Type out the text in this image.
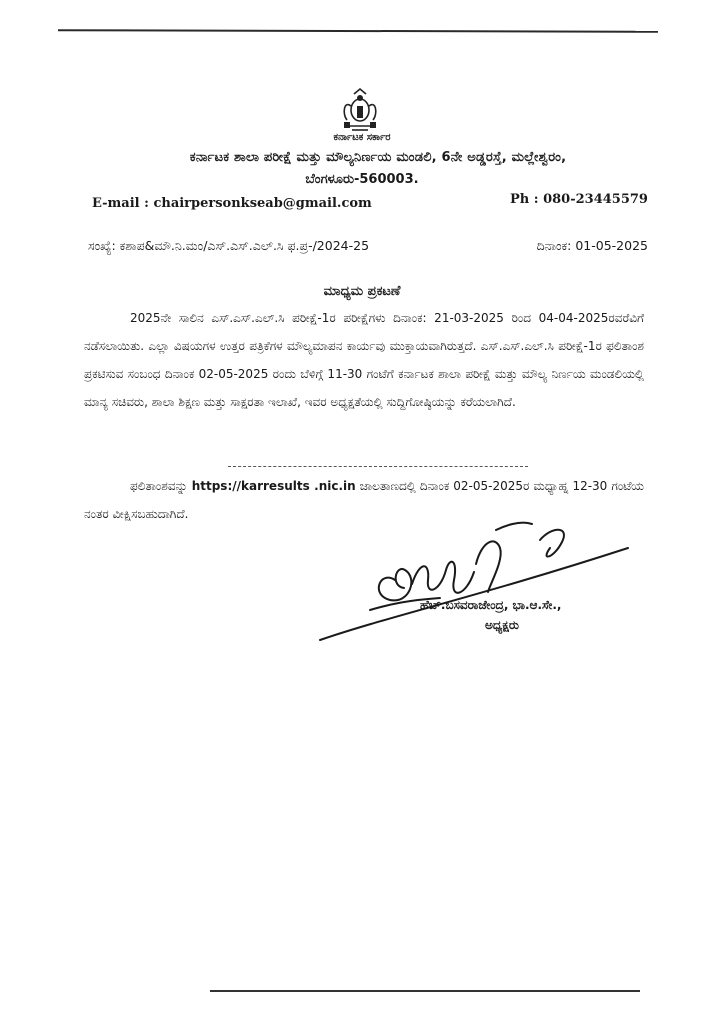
ಕರ್ನಾಟಕ ಸರ್ಕಾರ
ಕರ್ನಾಟಕ ಶಾಲಾ ಪರೀಕ್ಷೆ ಮತ್ತು ಮೌಲ್ಯನಿರ್ಣಯ ಮಂಡಲಿ, 6ನೇ ಅಡ್ಡರಸ್ತೆ, ಮಲ್ಲೇಶ್ವರಂ,
ಬೆಂಗಳೂರು-560003.
E-mail : chairpersonkseab@gmail.com	Ph : 080-23445579
ಸಂಖ್ಯೆ: ಕಶಾಪ&ಮೌ.ನಿ.ಮಂ/ಎಸ್.ಎಸ್.ಎಲ್.ಸಿ ಫ.ಪ್ರ-/2024-25	ದಿನಾಂಕ: 01-05-2025
ಮಾಧ್ಯಮ ಪ್ರಕಟಣೆ
2025ನೇ ಸಾಲಿನ ಎಸ್.ಎಸ್.ಎಲ್.ಸಿ ಪರೀಕ್ಷೆ-1ರ ಪರೀಕ್ಷೆಗಳು ದಿನಾಂಕ: 21-03-2025 ರಿಂದ 04-04-2025ರವರೆವಿಗೆ ನಡೆಸಲಾಯಿತು. ಎಲ್ಲಾ ವಿಷಯಗಳ ಉತ್ತರ ಪತ್ರಿಕೆಗಳ ಮೌಲ್ಯಮಾಪನ ಕಾರ್ಯವು ಮುಕ್ತಾಯವಾಗಿರುತ್ತದೆ. ಎಸ್.ಎಸ್.ಎಲ್.ಸಿ ಪರೀಕ್ಷೆ-1ರ ಫಲಿತಾಂಶ ಪ್ರಕಟಿಸುವ ಸಂಬಂಧ ದಿನಾಂಕ 02-05-2025 ರಂದು ಬೆಳಿಗ್ಗೆ 11-30 ಗಂಟೆಗೆ ಕರ್ನಾಟಕ ಶಾಲಾ ಪರೀಕ್ಷೆ ಮತ್ತು ಮೌಲ್ಯ ನಿರ್ಣಯ ಮಂಡಲಿಯಲ್ಲಿ ಮಾನ್ಯ ಸಚಿವರು, ಶಾಲಾ ಶಿಕ್ಷಣ ಮತ್ತು ಸಾಕ್ಷರತಾ ಇಲಾಖೆ, ಇವರ ಅಧ್ಯಕ್ಷತೆಯಲ್ಲಿ ಸುದ್ದಿಗೋಷ್ಠಿಯನ್ನು ಕರೆಯಲಾಗಿದೆ.
ಫಲಿತಾಂಶವನ್ನು https://karresults .nic.in ಜಾಲತಾಣದಲ್ಲಿ ದಿನಾಂಕ 02-05-2025ರ ಮಧ್ಯಾಹ್ನ 12-30 ಗಂಟೆಯ ನಂತರ ವೀಕ್ಷಿಸಬಹುದಾಗಿದೆ.
ಹೆಚ್.ಬಸವರಾಜೇಂದ್ರ, ಭಾ.ಆ.ಸೇ.,
ಅಧ್ಯಕ್ಷರು
